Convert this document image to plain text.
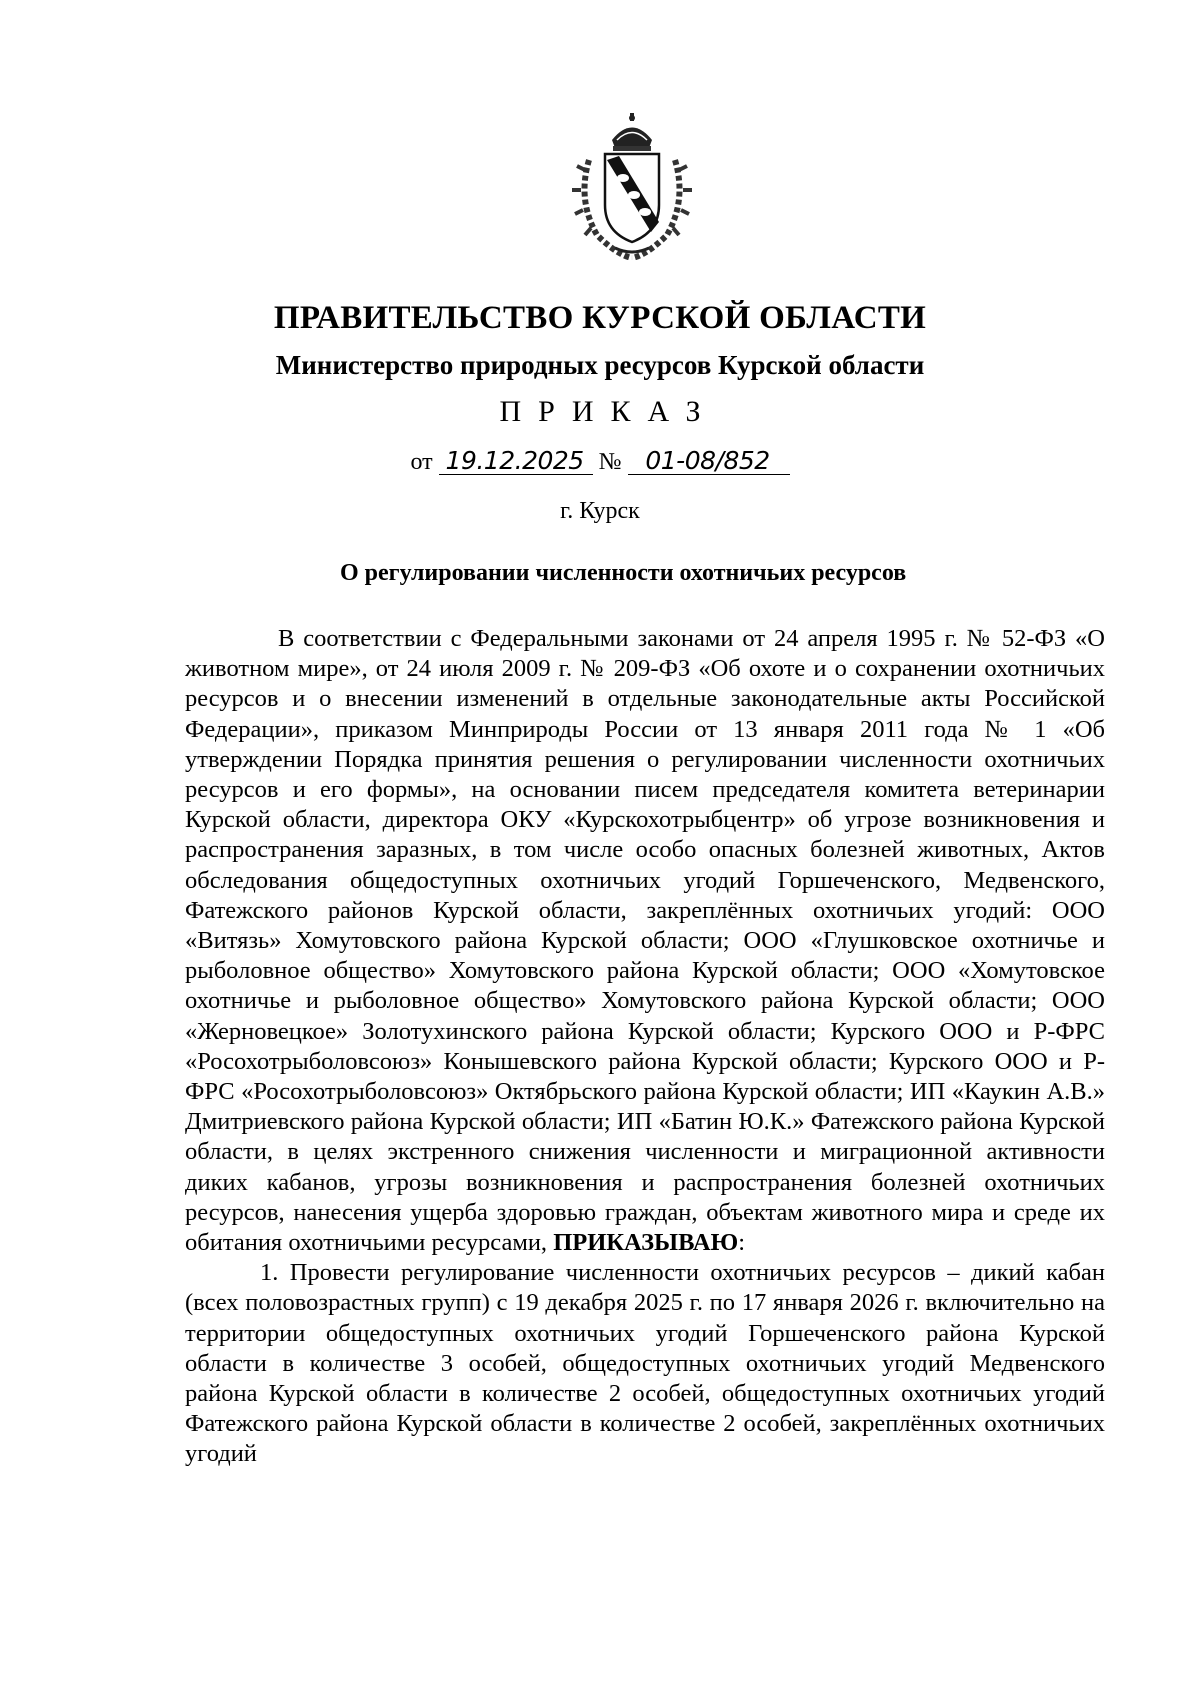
ПРАВИТЕЛЬСТВО КУРСКОЙ ОБЛАСТИ
Министерство природных ресурсов Курской области
ПРИКАЗ
от 19.12.2025 № 01-08/852
г. Курск
О регулировании численности охотничьих ресурсов

В соответствии с Федеральными законами от 24 апреля 1995 г. № 52-ФЗ «О животном мире», от 24 июля 2009 г. № 209-ФЗ «Об охоте и о сохранении охотничьих ресурсов и о внесении изменений в отдельные законодательные акты Российской Федерации», приказом Минприроды России от 13 января 2011 года № 1 «Об утверждении Порядка принятия решения о регулировании численности охотничьих ресурсов и его формы», на основании писем председателя комитета ветеринарии Курской области, директора ОКУ «Курскохотрыбцентр» об угрозе возникновения и распространения заразных, в том числе особо опасных болезней животных, Актов обследования общедоступных охотничьих угодий Горшеченского, Медвенского, Фатежского районов Курской области, закреплённых охотничьих угодий: ООО «Витязь» Хомутовского района Курской области; ООО «Глушковское охотничье и рыболовное общество» Хомутовского района Курской области; ООО «Хомутовское охотничье и рыболовное общество» Хомутовского района Курской области; ООО «Жерновецкое» Золотухинского района Курской области; Курского ООО и Р-ФРС «Росохотрыболовсоюз» Конышевского района Курской области; Курского ООО и Р-ФРС «Росохотрыболовсоюз» Октябрьского района Курской области; ИП «Каукин А.В.» Дмитриевского района Курской области; ИП «Батин Ю.К.» Фатежского района Курской области, в целях экстренного снижения численности и миграционной активности диких кабанов, угрозы возникновения и распространения болезней охотничьих ресурсов, нанесения ущерба здоровью граждан, объектам животного мира и среде их обитания охотничьими ресурсами, ПРИКАЗЫВАЮ:

1. Провести регулирование численности охотничьих ресурсов – дикий кабан (всех половозрастных групп) с 19 декабря 2025 г. по 17 января 2026 г. включительно на территории общедоступных охотничьих угодий Горшеченского района Курской области в количестве 3 особей, общедоступных охотничьих угодий Медвенского района Курской области в количестве 2 особей, общедоступных охотничьих угодий Фатежского района Курской области в количестве 2 особей, закреплённых охотничьих угодий
